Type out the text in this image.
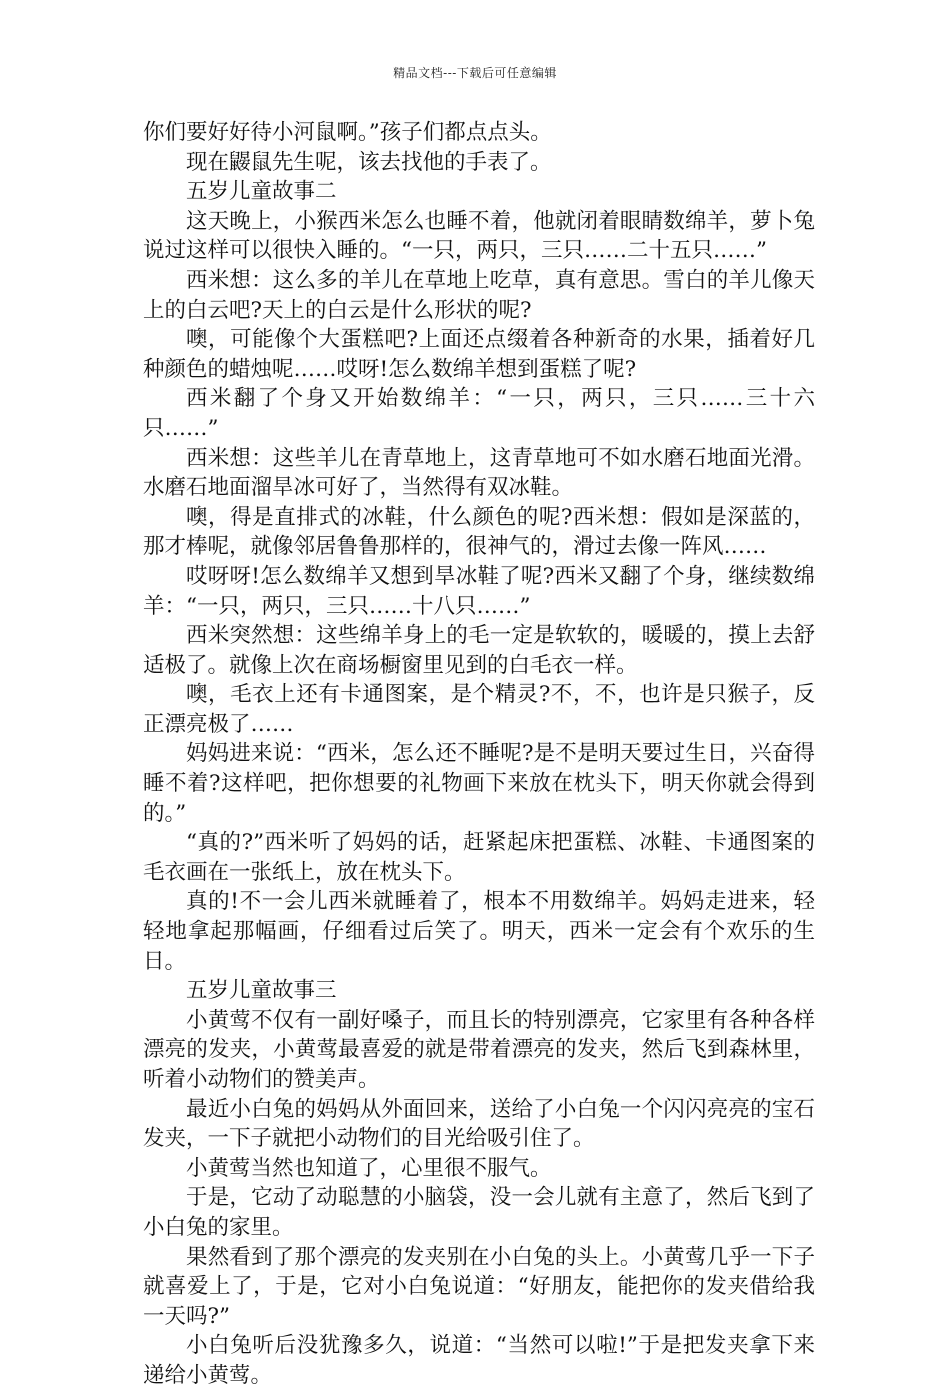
精品文档---下载后可任意编辑

你们要好好待小河鼠啊。”孩子们都点点头。

现在鼹鼠先生呢，该去找他的手表了。

五岁儿童故事二

这天晚上，小猴西米怎么也睡不着，他就闭着眼睛数绵羊，萝卜兔说过这样可以很快入睡的。“一只，两只，三只……二十五只……”

西米想：这么多的羊儿在草地上吃草，真有意思。雪白的羊儿像天上的白云吧?天上的白云是什么形状的呢?

噢，可能像个大蛋糕吧?上面还点缀着各种新奇的水果，插着好几种颜色的蜡烛呢……哎呀!怎么数绵羊想到蛋糕了呢?

西米翻了个身又开始数绵羊：“一只，两只，三只……三十六只……”

西米想：这些羊儿在青草地上，这青草地可不如水磨石地面光滑。水磨石地面溜旱冰可好了，当然得有双冰鞋。

噢，得是直排式的冰鞋，什么颜色的呢?西米想：假如是深蓝的，那才棒呢，就像邻居鲁鲁那样的，很神气的，滑过去像一阵风……

哎呀呀!怎么数绵羊又想到旱冰鞋了呢?西米又翻了个身，继续数绵羊：“一只，两只，三只……十八只……”

西米突然想：这些绵羊身上的毛一定是软软的，暖暖的，摸上去舒适极了。就像上次在商场橱窗里见到的白毛衣一样。

噢，毛衣上还有卡通图案，是个精灵?不，不，也许是只猴子，反正漂亮极了……

妈妈进来说：“西米，怎么还不睡呢?是不是明天要过生日，兴奋得睡不着?这样吧，把你想要的礼物画下来放在枕头下，明天你就会得到的。”

“真的?”西米听了妈妈的话，赶紧起床把蛋糕、冰鞋、卡通图案的毛衣画在一张纸上，放在枕头下。

真的!不一会儿西米就睡着了，根本不用数绵羊。妈妈走进来，轻轻地拿起那幅画，仔细看过后笑了。明天，西米一定会有个欢乐的生日。

五岁儿童故事三

小黄莺不仅有一副好嗓子，而且长的特别漂亮，它家里有各种各样漂亮的发夹，小黄莺最喜爱的就是带着漂亮的发夹，然后飞到森林里，听着小动物们的赞美声。

最近小白兔的妈妈从外面回来，送给了小白兔一个闪闪亮亮的宝石发夹，一下子就把小动物们的目光给吸引住了。

小黄莺当然也知道了，心里很不服气。

于是，它动了动聪慧的小脑袋，没一会儿就有主意了，然后飞到了小白兔的家里。

果然看到了那个漂亮的发夹别在小白兔的头上。小黄莺几乎一下子就喜爱上了，于是，它对小白兔说道：“好朋友，能把你的发夹借给我一天吗?”

小白兔听后没犹豫多久，说道：“当然可以啦!”于是把发夹拿下来递给小黄莺。
